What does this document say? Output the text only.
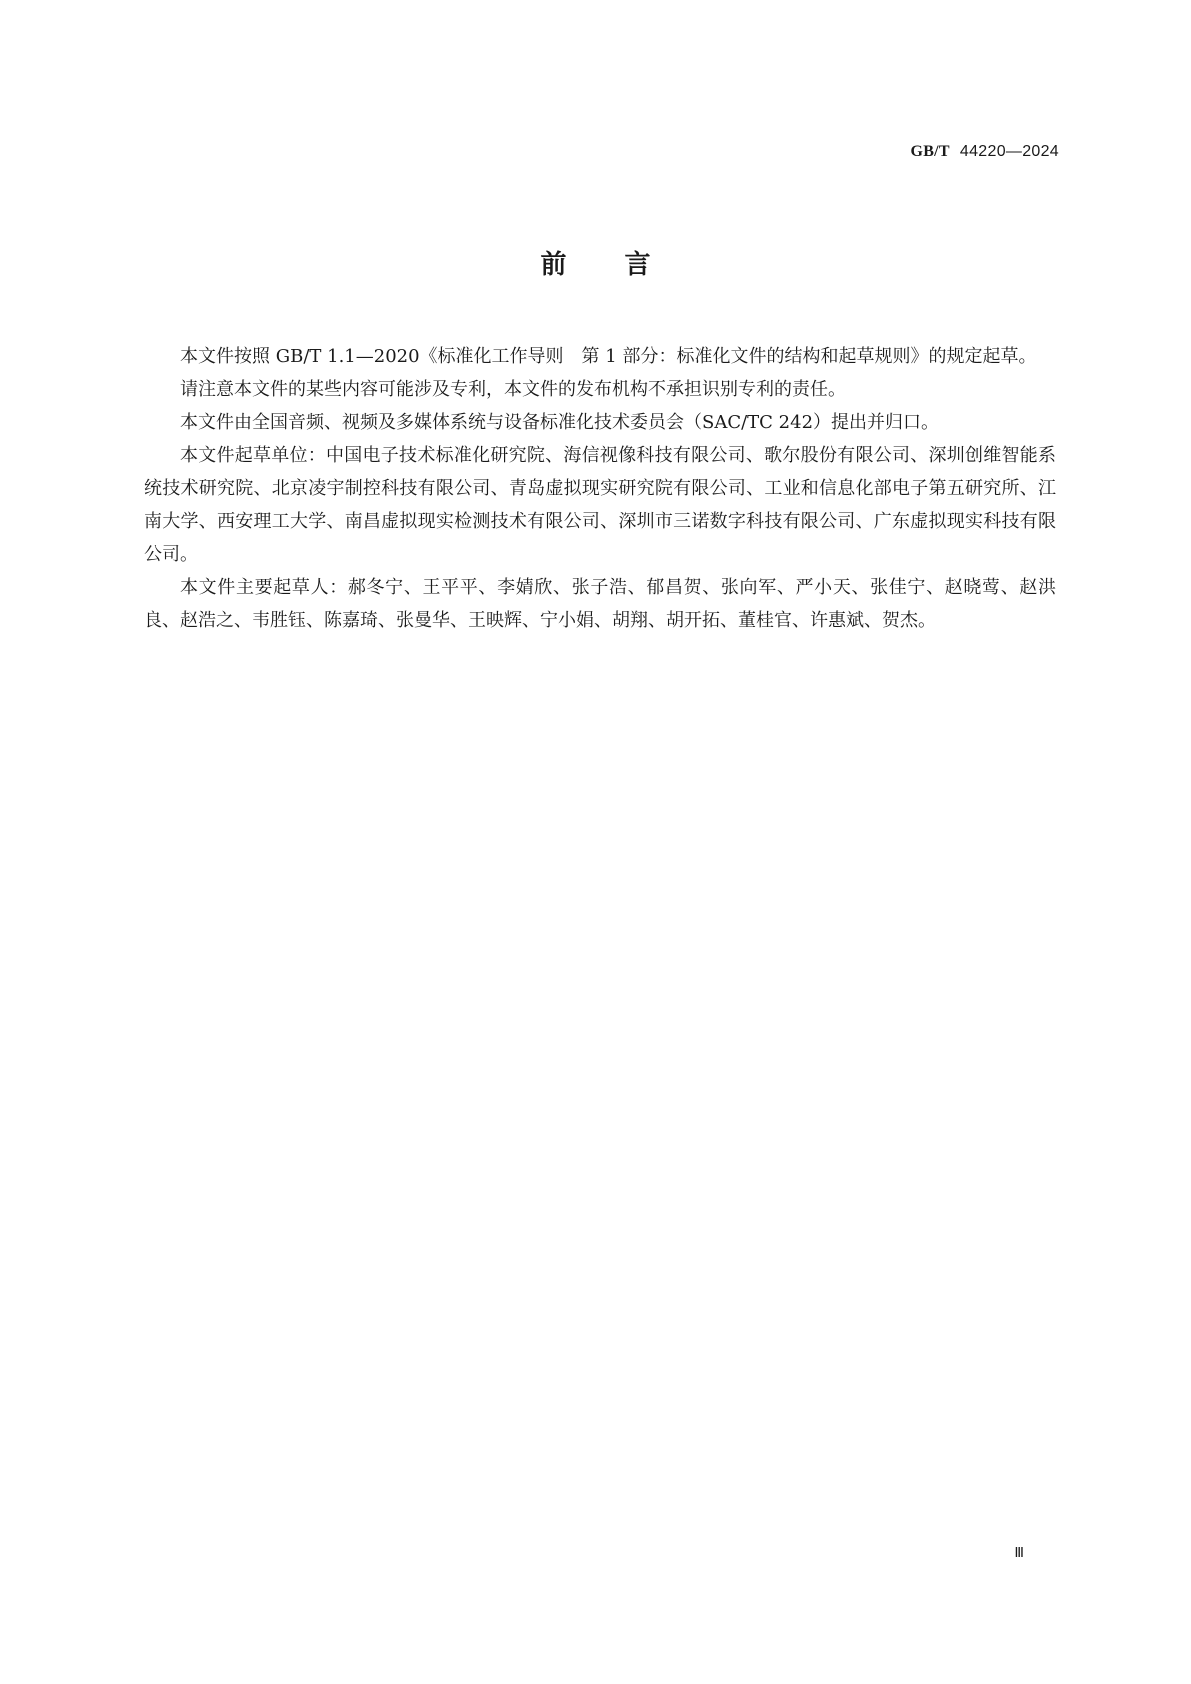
GB/T 44220—2024
前言

本文件按照 GB/T 1.1—2020《标准化工作导则　第 1 部分：标准化文件的结构和起草规则》的规定起草。

请注意本文件的某些内容可能涉及专利，本文件的发布机构不承担识别专利的责任。

本文件由全国音频、视频及多媒体系统与设备标准化技术委员会（SAC/TC 242）提出并归口。

本文件起草单位：中国电子技术标准化研究院、海信视像科技有限公司、歌尔股份有限公司、深圳创维智能系统技术研究院、北京凌宇制控科技有限公司、青岛虚拟现实研究院有限公司、工业和信息化部电子第五研究所、江南大学、西安理工大学、南昌虚拟现实检测技术有限公司、深圳市三诺数字科技有限公司、广东虚拟现实科技有限公司。

本文件主要起草人：郝冬宁、王平平、李婧欣、张子浩、郁昌贺、张向军、严小天、张佳宁、赵晓莺、赵洪良、赵浩之、韦胜钰、陈嘉琦、张曼华、王映辉、宁小娟、胡翔、胡开拓、董桂官、许惠斌、贺杰。

Ⅲ
